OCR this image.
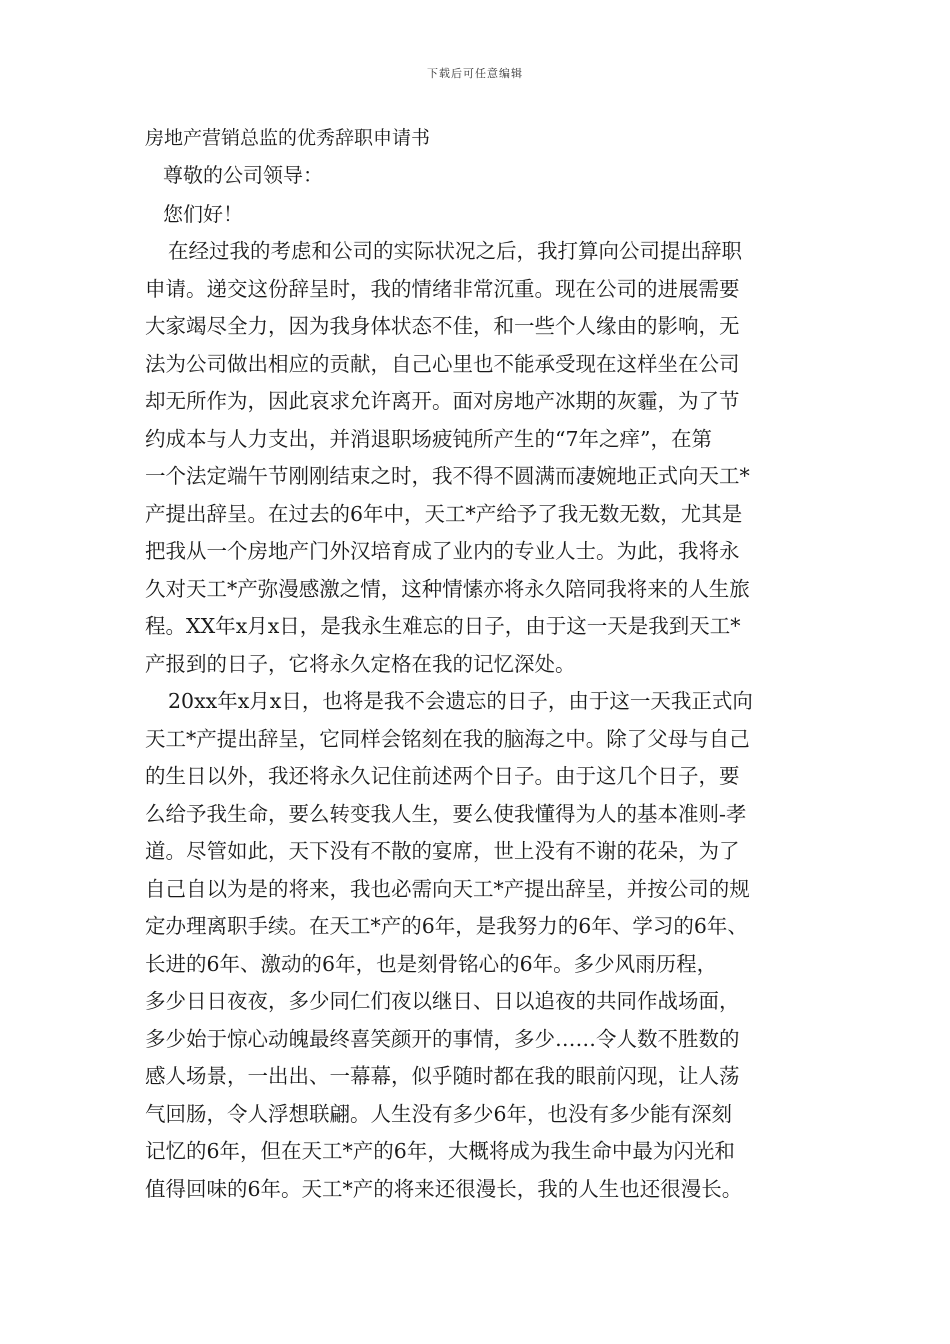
下载后可任意编辑
房地产营销总监的优秀辞职申请书
尊敬的公司领导：
您们好！
在经过我的考虑和公司的实际状况之后，我打算向公司提出辞职
申请。递交这份辞呈时，我的情绪非常沉重。现在公司的进展需要
大家竭尽全力，因为我身体状态不佳，和一些个人缘由的影响，无
法为公司做出相应的贡献，自己心里也不能承受现在这样坐在公司
却无所作为，因此哀求允许离开。面对房地产冰期的灰霾，为了节
约成本与人力支出，并消退职场疲钝所产生的“7年之痒”，在第
一个法定端午节刚刚结束之时，我不得不圆满而凄婉地正式向天工*
产提出辞呈。在过去的6年中，天工*产给予了我无数无数，尤其是
把我从一个房地产门外汉培育成了业内的专业人士。为此，我将永
久对天工*产弥漫感激之情，这种情愫亦将永久陪同我将来的人生旅
程。XX年x月x日，是我永生难忘的日子，由于这一天是我到天工*
产报到的日子，它将永久定格在我的记忆深处。
20xx年x月x日，也将是我不会遗忘的日子，由于这一天我正式向
天工*产提出辞呈，它同样会铭刻在我的脑海之中。除了父母与自己
的生日以外，我还将永久记住前述两个日子。由于这几个日子，要
么给予我生命，要么转变我人生，要么使我懂得为人的基本准则-孝
道。尽管如此，天下没有不散的宴席，世上没有不谢的花朵，为了
自己自以为是的将来，我也必需向天工*产提出辞呈，并按公司的规
定办理离职手续。在天工*产的6年，是我努力的6年、学习的6年、
长进的6年、激动的6年，也是刻骨铭心的6年。多少风雨历程，
多少日日夜夜，多少同仁们夜以继日、日以追夜的共同作战场面，
多少始于惊心动魄最终喜笑颜开的事情，多少……令人数不胜数的
感人场景，一出出、一幕幕，似乎随时都在我的眼前闪现，让人荡
气回肠，令人浮想联翩。人生没有多少6年，也没有多少能有深刻
记忆的6年，但在天工*产的6年，大概将成为我生命中最为闪光和
值得回味的6年。天工*产的将来还很漫长，我的人生也还很漫长。
